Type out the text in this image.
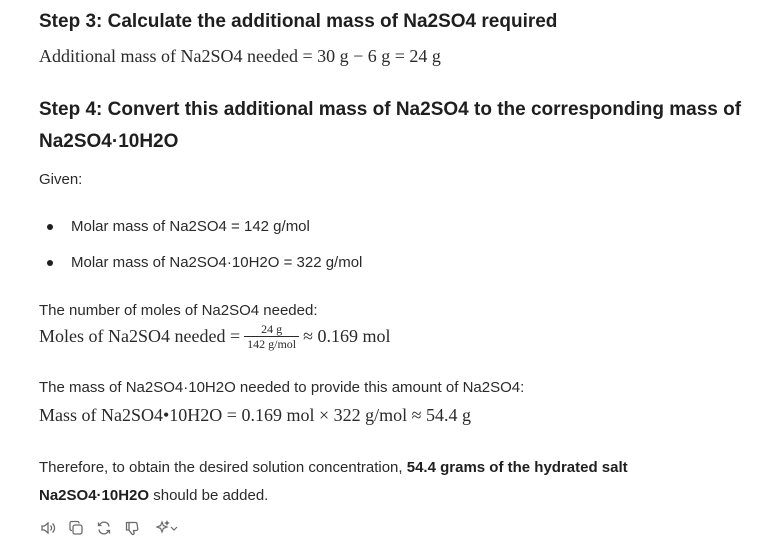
Step 3: Calculate the additional mass of Na2SO4 required
Additional mass of Na2SO4 needed = 30 g − 6 g = 24 g
Step 4: Convert this additional mass of Na2SO4 to the corresponding mass of
Na2SO4·10H2O
Given:
Molar mass of Na2SO4 = 142 g/mol
Molar mass of Na2SO4·10H2O = 322 g/mol
The number of moles of Na2SO4 needed:
Moles of Na2SO4 needed = $\frac{24 g}{\text{142 g/mol}} \approx 0.169$ mol
The mass of Na2SO4·10H2O needed to provide this amount of Na2SO4:
Mass of Na2SO4•10H2O = 0.169 mol × 322 g/mol ≈ 54.4 g
Therefore, to obtain the desired solution concentration, 54.4 grams of the hydrated salt
Na2SO4·10H2O should be added.
